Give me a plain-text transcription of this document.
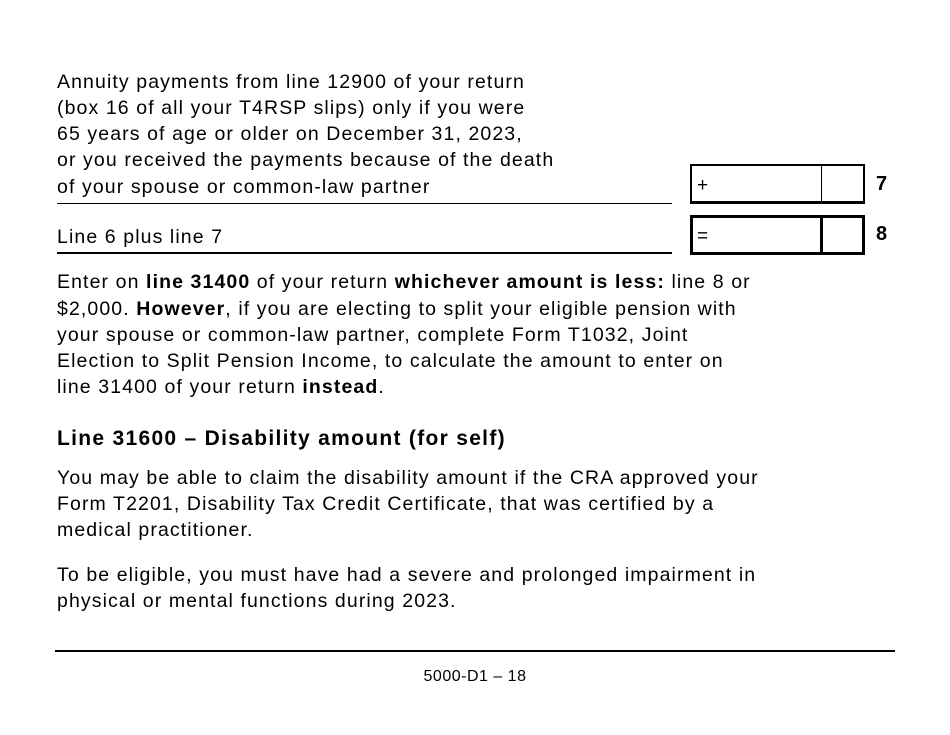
Annuity payments from line 12900 of your return
(box 16 of all your T4RSP slips) only if you were
65 years of age or older on December 31, 2023,
or you received the payments because of the death
of your spouse or common-law partner	+	7
Line 6 plus line 7	=	8
Enter on line 31400 of your return whichever amount is less: line 8 or
$2,000. However, if you are electing to split your eligible pension with
your spouse or common-law partner, complete Form T1032, Joint
Election to Split Pension Income, to calculate the amount to enter on
line 31400 of your return instead.
Line 31600 – Disability amount (for self)
You may be able to claim the disability amount if the CRA approved your
Form T2201, Disability Tax Credit Certificate, that was certified by a
medical practitioner.
To be eligible, you must have had a severe and prolonged impairment in
physical or mental functions during 2023.
5000-D1 – 18
